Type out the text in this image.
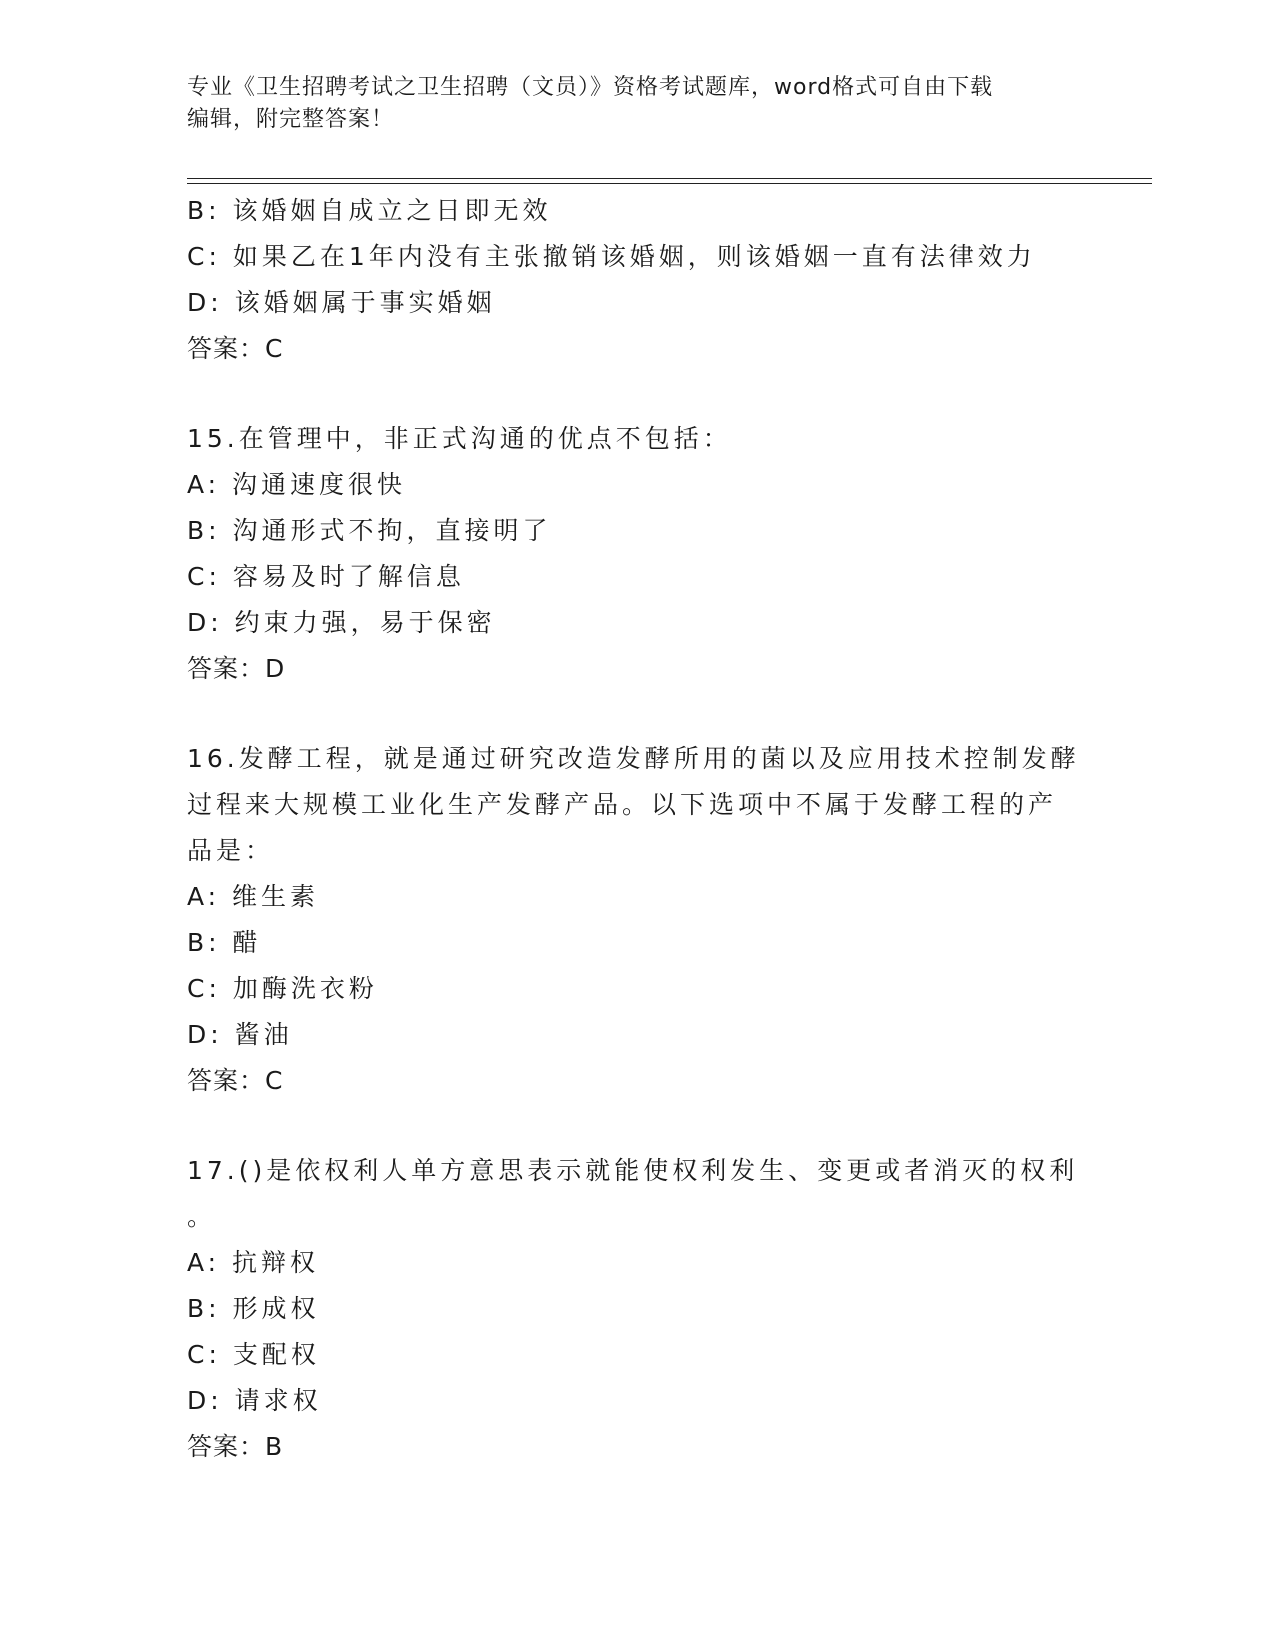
专业《卫生招聘考试之卫生招聘（文员）》资格考试题库，word格式可自由下载
编辑，附完整答案！
B: 该婚姻自成立之日即无效
C: 如果乙在1年内没有主张撤销该婚姻，则该婚姻一直有法律效力
D: 该婚姻属于事实婚姻
答案：C
15.在管理中，非正式沟通的优点不包括：
A: 沟通速度很快
B: 沟通形式不拘，直接明了
C: 容易及时了解信息
D: 约束力强，易于保密
答案：D
16.发酵工程，就是通过研究改造发酵所用的菌以及应用技术控制发酵
过程来大规模工业化生产发酵产品。以下选项中不属于发酵工程的产
品是：
A: 维生素
B: 醋
C: 加酶洗衣粉
D: 酱油
答案：C
17.()是依权利人单方意思表示就能使权利发生、变更或者消灭的权利
。
A: 抗辩权
B: 形成权
C: 支配权
D: 请求权
答案：B
